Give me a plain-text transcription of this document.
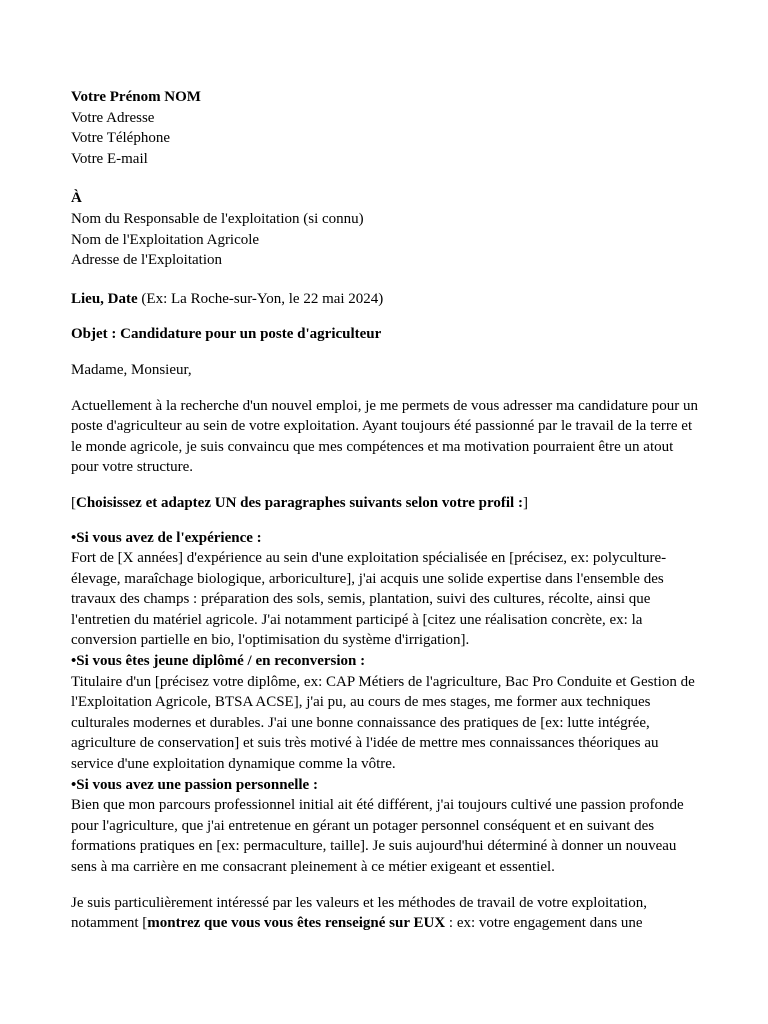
Votre Prénom NOM

Votre Adresse

Votre Téléphone

Votre E-mail

À

Nom du Responsable de l'exploitation (si connu)

Nom de l'Exploitation Agricole

Adresse de l'Exploitation

Lieu, Date (Ex: La Roche-sur-Yon, le 22 mai 2024)

Objet : Candidature pour un poste d'agriculteur

Madame, Monsieur,

Actuellement à la recherche d'un nouvel emploi, je me permets de vous adresser ma candidature pour un poste d'agriculteur au sein de votre exploitation. Ayant toujours été passionné par le travail de la terre et le monde agricole, je suis convaincu que mes compétences et ma motivation pourraient être un atout pour votre structure.

[Choisissez et adaptez UN des paragraphes suivants selon votre profil :]

•Si vous avez de l'expérience :

Fort de [X années] d'expérience au sein d'une exploitation spécialisée en [précisez, ex: polyculture-élevage, maraîchage biologique, arboriculture], j'ai acquis une solide expertise dans l'ensemble des travaux des champs : préparation des sols, semis, plantation, suivi des cultures, récolte, ainsi que l'entretien du matériel agricole. J'ai notamment participé à [citez une réalisation concrète, ex: la conversion partielle en bio, l'optimisation du système d'irrigation].

•Si vous êtes jeune diplômé / en reconversion :

Titulaire d'un [précisez votre diplôme, ex: CAP Métiers de l'agriculture, Bac Pro Conduite et Gestion de l'Exploitation Agricole, BTSA ACSE], j'ai pu, au cours de mes stages, me former aux techniques culturales modernes et durables. J'ai une bonne connaissance des pratiques de [ex: lutte intégrée, agriculture de conservation] et suis très motivé à l'idée de mettre mes connaissances théoriques au service d'une exploitation dynamique comme la vôtre.

•Si vous avez une passion personnelle :

Bien que mon parcours professionnel initial ait été différent, j'ai toujours cultivé une passion profonde pour l'agriculture, que j'ai entretenue en gérant un potager personnel conséquent et en suivant des formations pratiques en [ex: permaculture, taille]. Je suis aujourd'hui déterminé à donner un nouveau sens à ma carrière en me consacrant pleinement à ce métier exigeant et essentiel.

Je suis particulièrement intéressé par les valeurs et les méthodes de travail de votre exploitation, notamment [montrez que vous vous êtes renseigné sur EUX : ex: votre engagement dans une
